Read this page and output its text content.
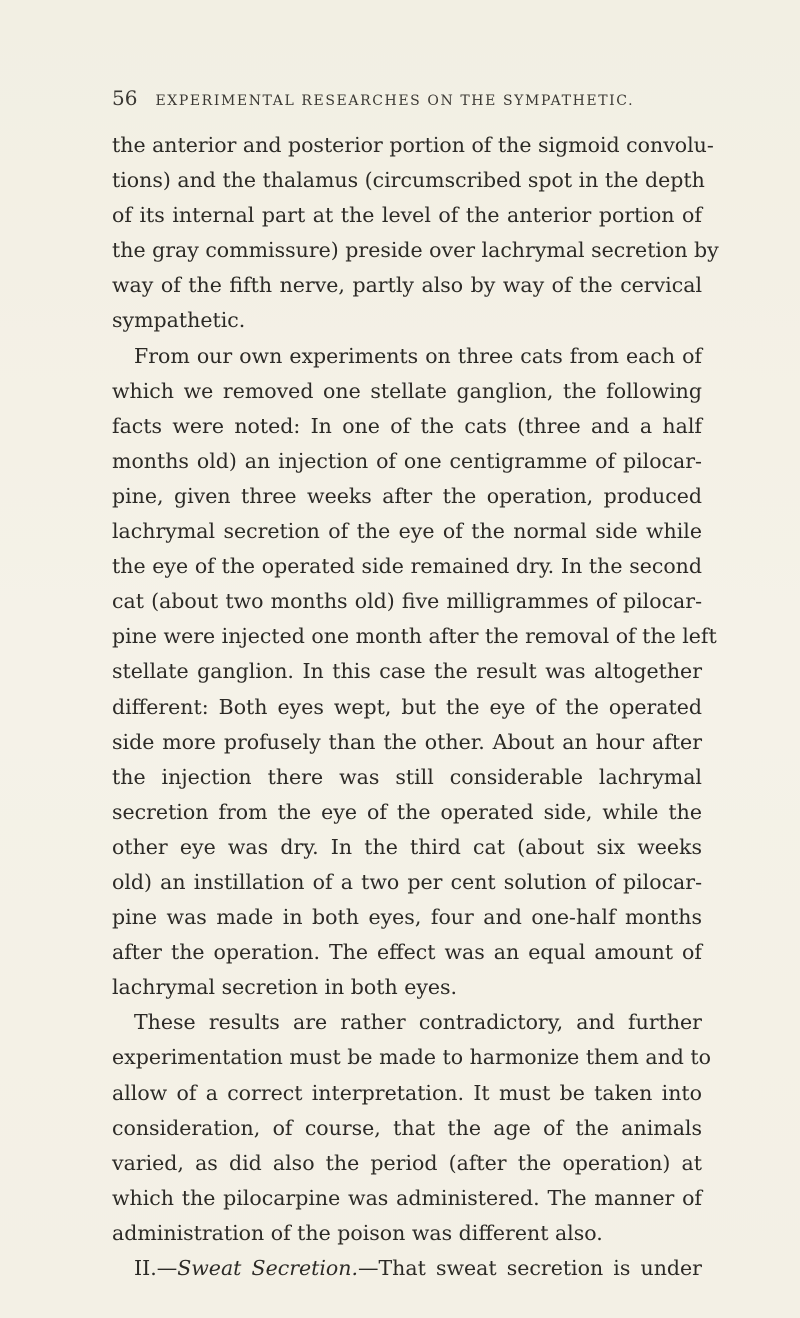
56 EXPERIMENTAL RESEARCHES ON THE SYMPATHETIC.
the anterior and posterior portion of the sigmoid convolu-
tions) and the thalamus (circumscribed spot in the depth
of its internal part at the level of the anterior portion of
the gray commissure) preside over lachrymal secretion by
way of the fifth nerve, partly also by way of the cervical
sympathetic.
From our own experiments on three cats from each of
which we removed one stellate ganglion, the following
facts were noted: In one of the cats (three and a half
months old) an injection of one centigramme of pilocar-
pine, given three weeks after the operation, produced
lachrymal secretion of the eye of the normal side while
the eye of the operated side remained dry. In the second
cat (about two months old) five milligrammes of pilocar-
pine were injected one month after the removal of the left
stellate ganglion. In this case the result was altogether
different: Both eyes wept, but the eye of the operated
side more profusely than the other. About an hour after
the injection there was still considerable lachrymal
secretion from the eye of the operated side, while the
other eye was dry. In the third cat (about six weeks
old) an instillation of a two per cent solution of pilocar-
pine was made in both eyes, four and one-half months
after the operation. The effect was an equal amount of
lachrymal secretion in both eyes.
These results are rather contradictory, and further
experimentation must be made to harmonize them and to
allow of a correct interpretation. It must be taken into
consideration, of course, that the age of the animals
varied, as did also the period (after the operation) at
which the pilocarpine was administered. The manner of
administration of the poison was different also.
II.—Sweat Secretion.—That sweat secretion is under
